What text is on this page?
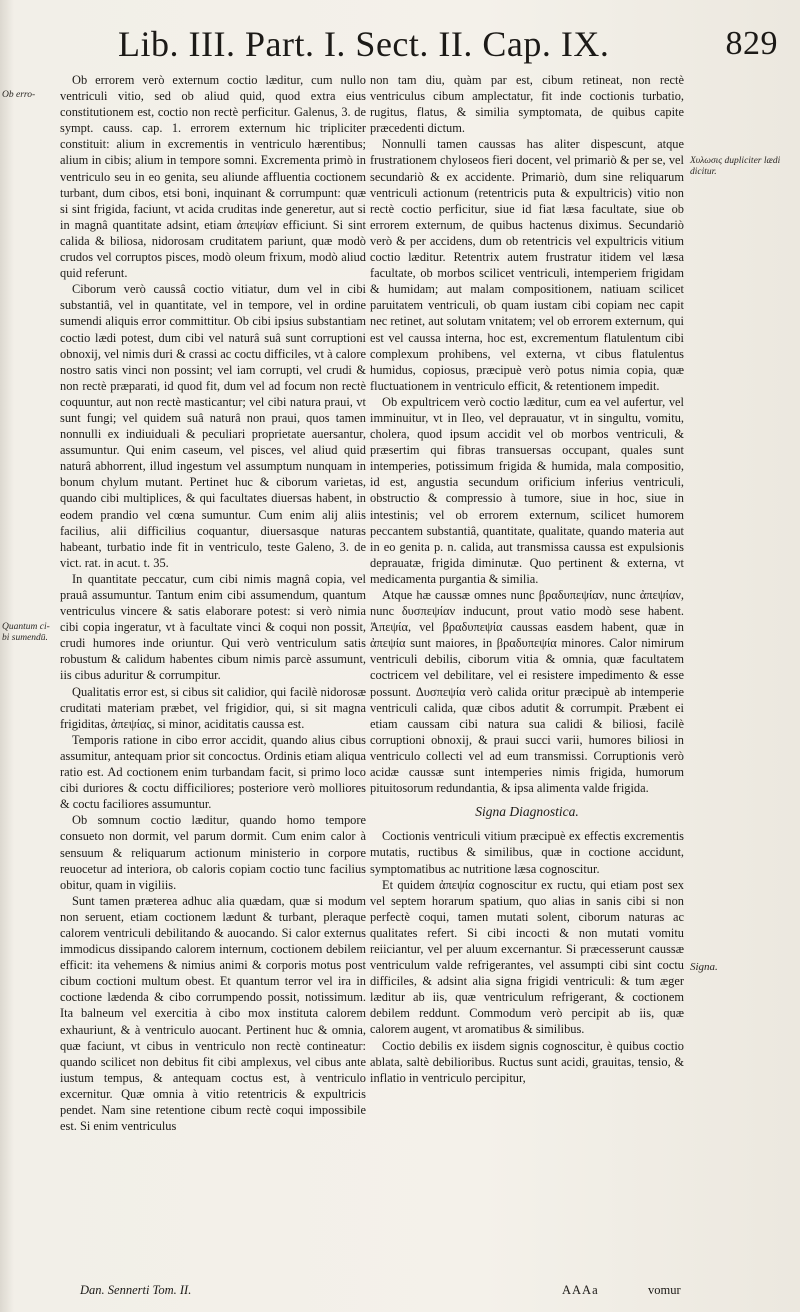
Lib. III. Part. I. Sect. II. Cap. IX.	829
Ob erro-
Quantum ci-bi sumendū.
Χυλωσις dupliciter lædi dicitur.
Signa.

Ob errorem verò externum coctio læditur, cum nullo ventriculi vitio, sed ob aliud quid, quod extra eius constitutionem est, coctio non rectè perficitur. Galenus, 3. de sympt. causs. cap. 1. errorem externum hic tripliciter constituit: alium in excrementis in ventriculo hærentibus; alium in cibis; alium in tempore somni. Excrementa primò in ventriculo seu in eo genita, seu aliunde affluentia coctionem turbant, dum cibos, etsi boni, inquinant & corrumpunt: quæ si sint frigida, faciunt, vt acida cruditas inde generetur, aut si in magnâ quantitate adsint, etiam ἀπεψίαν efficiunt. Si sint calida & biliosa, nidorosam cruditatem pariunt, quæ modò crudos vel corruptos pisces, modò oleum frixum, modò aliud quid referunt.

Ciborum verò caussâ coctio vitiatur, dum vel in cibi substantiâ, vel in quantitate, vel in tempore, vel in ordine sumendi aliquis error committitur. Ob cibi ipsius substantiam coctio lædi potest, dum cibi vel naturâ suâ sunt corruptioni obnoxij, vel nimis duri & crassi ac coctu difficiles, vt à calore nostro satis vinci non possint; vel iam corrupti, vel crudi & non rectè præparati, id quod fit, dum vel ad focum non rectè coquuntur, aut non rectè masticantur; vel cibi natura praui, vt sunt fungi; vel quidem suâ naturâ non praui, quos tamen nonnulli ex indiuiduali & peculiari proprietate auersantur, assumuntur. Qui enim caseum, vel pisces, vel aliud quid naturâ abhorrent, illud ingestum vel assumptum nunquam in bonum chylum mutant. Pertinet huc & ciborum varietas, quando cibi multiplices, & qui facultates diuersas habent, in eodem prandio vel cœna sumuntur. Cum enim alij aliis facilius, alii difficilius coquantur, diuersasque naturas habeant, turbatio inde fit in ventriculo, teste Galeno, 3. de vict. rat. in acut. t. 35.

In quantitate peccatur, cum cibi nimis magnâ copia, vel prauâ assumuntur. Tantum enim cibi assumendum, quantum ventriculus vincere & satis elaborare potest: si verò nimia cibi copia ingeratur, vt à facultate vinci & coqui non possit, crudi humores inde oriuntur. Qui verò ventriculum satis robustum & calidum habentes cibum nimis parcè assumunt, iis cibus aduritur & corrumpitur.

Qualitatis error est, si cibus sit calidior, qui facilè nidorosæ cruditati materiam præbet, vel frigidior, qui, si sit magna frigiditas, ἀπεψίας, si minor, aciditatis caussa est.

Temporis ratione in cibo error accidit, quando alius cibus assumitur, antequam prior sit concoctus. Ordinis etiam aliqua ratio est. Ad coctionem enim turbandam facit, si primo loco cibi duriores & coctu difficiliores; posteriore verò molliores & coctu faciliores assumuntur.

Ob somnum coctio læditur, quando homo tempore consueto non dormit, vel parum dormit. Cum enim calor à sensuum & reliquarum actionum ministerio in corpore reuocetur ad interiora, ob caloris copiam coctio tunc facilius obitur, quam in vigiliis.

Sunt tamen præterea adhuc alia quædam, quæ si modum non seruent, etiam coctionem lædunt & turbant, pleraque calorem ventriculi debilitando & auocando. Si calor externus immodicus dissipando calorem internum, coctionem debilem efficit: ita vehemens & nimius animi & corporis motus post cibum coctioni multum obest. Et quantum terror vel ira in coctione lædenda & cibo corrumpendo possit, notissimum. Ita balneum vel exercitia à cibo mox instituta calorem exhauriunt, & à ventriculo auocant. Pertinent huc & omnia, quæ faciunt, vt cibus in ventriculo non rectè contineatur: quando scilicet non debitus fit cibi amplexus, vel cibus ante iustum tempus, & antequam coctus est, à ventriculo excernitur. Quæ omnia à vitio retentricis & expultricis pendet. Nam sine retentione cibum rectè coqui impossibile est. Si enim ventriculus

non tam diu, quàm par est, cibum retineat, non rectè ventriculus cibum amplectatur, fit inde coctionis turbatio, rugitus, flatus, & similia symptomata, de quibus capite præcedenti dictum.

Nonnulli tamen caussas has aliter dispescunt, atque frustrationem chyloseos fieri docent, vel primariò & per se, vel secundariò & ex accidente. Primariò, dum sine reliquarum ventriculi actionum (retentricis puta & expultricis) vitio non rectè coctio perficitur, siue id fiat læsa facultate, siue ob errorem externum, de quibus hactenus diximus. Secundariò verò & per accidens, dum ob retentricis vel expultricis vitium coctio læditur. Retentrix autem frustratur itidem vel læsa facultate, ob morbos scilicet ventriculi, intemperiem frigidam & humidam; aut malam compositionem, natiuam scilicet paruitatem ventriculi, ob quam iustam cibi copiam nec capit nec retinet, aut solutam vnitatem; vel ob errorem externum, qui est vel caussa interna, hoc est, excrementum flatulentum cibi complexum prohibens, vel externa, vt cibus flatulentus humidus, copiosus, præcipuè verò potus nimia copia, quæ fluctuationem in ventriculo efficit, & retentionem impedit.

Ob expultricem verò coctio læditur, cum ea vel aufertur, vel imminuitur, vt in Ileo, vel deprauatur, vt in singultu, vomitu, cholera, quod ipsum accidit vel ob morbos ventriculi, & præsertim qui fibras transuersas occupant, quales sunt intemperies, potissimum frigida & humida, mala compositio, id est, angustia secundum orificium inferius ventriculi, obstructio & compressio à tumore, siue in hoc, siue in intestinis; vel ob errorem externum, scilicet humorem peccantem substantiâ, quantitate, qualitate, quando materia aut in eo genita p. n. calida, aut transmissa caussa est expulsionis deprauatæ, frigida diminutæ. Quo pertinent & externa, vt medicamenta purgantia & similia.

Atque hæ caussæ omnes nunc βραδυπεψίαν, nunc ἀπεψίαν, nunc δυσπεψίαν inducunt, prout vatio modò sese habent. Ἀπεψία, vel βραδυπεψία caussas easdem habent, quæ in ἀπεψία sunt maiores, in βραδυπεψία minores. Calor nimirum ventriculi debilis, ciborum vitia & omnia, quæ facultatem coctricem vel debilitare, vel ei resistere impedimento & esse possunt. Δυσπεψία verò calida oritur præcipuè ab intemperie ventriculi calida, quæ cibos adutit & corrumpit. Præbent ei etiam caussam cibi natura sua calidi & biliosi, facilè corruptioni obnoxij, & praui succi varii, humores biliosi in ventriculo collecti vel ad eum transmissi. Corruptionis verò acidæ caussæ sunt intemperies nimis frigida, humorum pituitosorum redundantia, & ipsa alimenta valde frigida.

Signa Diagnostica.

Coctionis ventriculi vitium præcipuè ex effectis excrementis mutatis, ructibus & similibus, quæ in coctione accidunt, symptomatibus ac nutritione læsa cognoscitur.

Et quidem ἀπεψία cognoscitur ex ructu, qui etiam post sex vel septem horarum spatium, quo alias in sanis cibi si non perfectè coqui, tamen mutati solent, ciborum naturas ac qualitates refert. Si cibi incocti & non mutati vomitu reiiciantur, vel per aluum excernantur. Si præcesserunt caussæ ventriculum valde refrigerantes, vel assumpti cibi sint coctu difficiles, & adsint alia signa frigidi ventriculi: & tum æger læditur ab iis, quæ ventriculum refrigerant, & coctionem debilem reddunt. Commodum verò percipit ab iis, quæ calorem augent, vt aromatibus & similibus.

Coctio debilis ex iisdem signis cognoscitur, è quibus coctio ablata, saltè debilioribus. Ructus sunt acidi, grauitas, tensio, & inflatio in ventriculo percipitur,

Dan. Sennerti Tom. II.	AAAa	vomur
